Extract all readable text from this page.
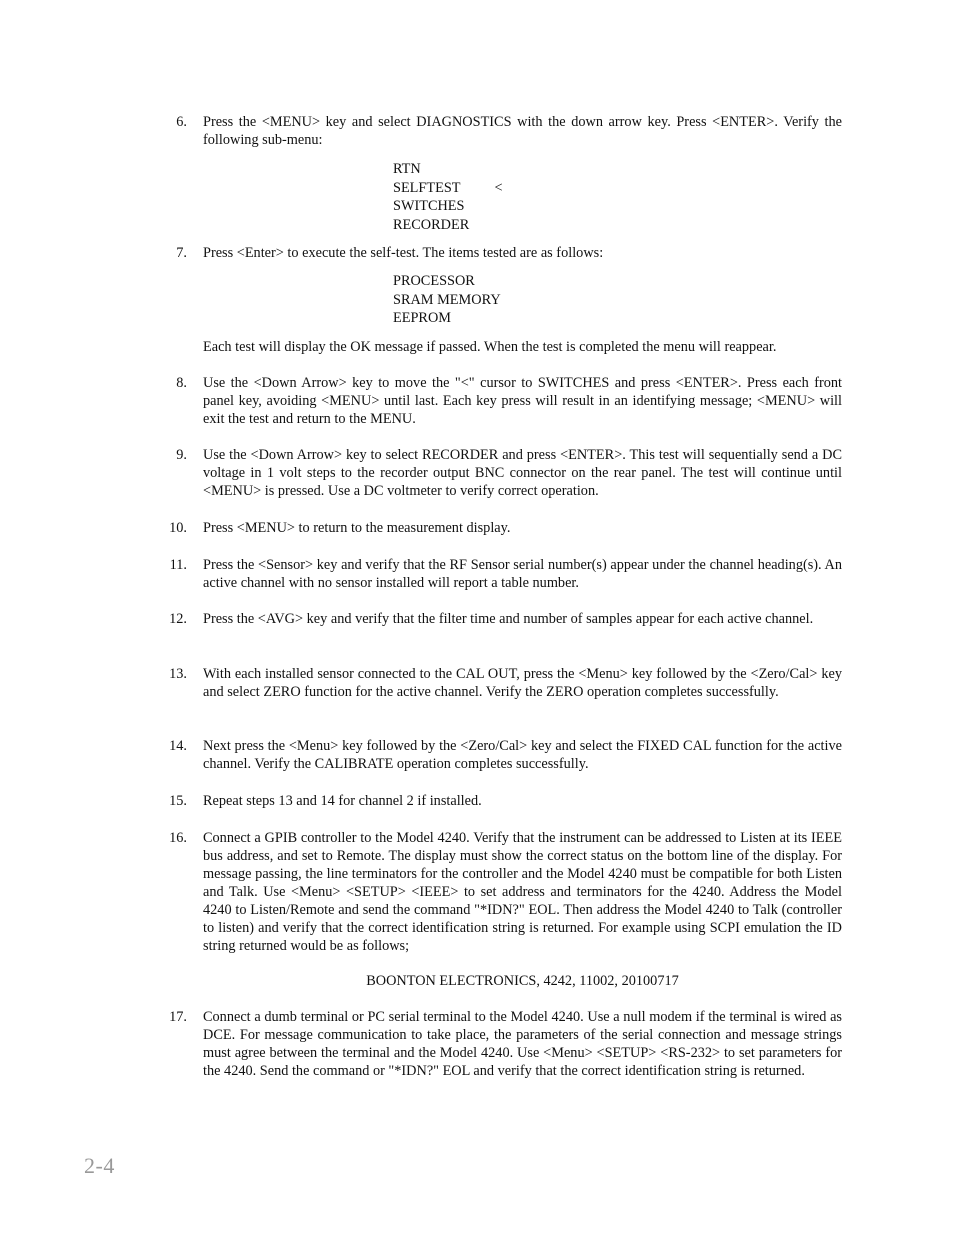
6. Press the <MENU> key and select DIAGNOSTICS with the down arrow key. Press <ENTER>. Verify the following sub-menu:
RTN
SELFTEST <
SWITCHES
RECORDER
7. Press <Enter> to execute the self-test. The items tested are as follows:
PROCESSOR
SRAM MEMORY
EEPROM
Each test will display the OK message if passed. When the test is completed the menu will reappear.
8. Use the <Down Arrow> key to move the "<" cursor to SWITCHES and press <ENTER>. Press each front panel key, avoiding <MENU> until last. Each key press will result in an identifying message; <MENU> will exit the test and return to the MENU.
9. Use the <Down Arrow> key to select RECORDER and press <ENTER>. This test will sequentially send a DC voltage in 1 volt steps to the recorder output BNC connector on the rear panel. The test will continue until <MENU> is pressed. Use a DC voltmeter to verify correct operation.
10. Press <MENU> to return to the measurement display.
11. Press the <Sensor> key and verify that the RF Sensor serial number(s) appear under the channel heading(s). An active channel with no sensor installed will report a table number.
12. Press the <AVG> key and verify that the filter time and number of samples appear for each active channel.
13. With each installed sensor connected to the CAL OUT, press the <Menu> key followed by the <Zero/Cal> key and select ZERO function for the active channel. Verify the ZERO operation completes successfully.
14. Next press the <Menu> key followed by the <Zero/Cal> key and select the FIXED CAL function for the active channel. Verify the CALIBRATE operation completes successfully.
15. Repeat steps 13 and 14 for channel 2 if installed.
16. Connect a GPIB controller to the Model 4240. Verify that the instrument can be addressed to Listen at its IEEE bus address, and set to Remote. The display must show the correct status on the bottom line of the display. For message passing, the line terminators for the controller and the Model 4240 must be compatible for both Listen and Talk. Use <Menu> <SETUP> <IEEE> to set address and terminators for the 4240. Address the Model 4240 to Listen/Remote and send the command "*IDN?" EOL. Then address the Model 4240 to Talk (controller to listen) and verify that the correct identification string is returned. For example using SCPI emulation the ID string returned would be as follows;
BOONTON ELECTRONICS, 4242, 11002, 20100717
17. Connect a dumb terminal or PC serial terminal to the Model 4240. Use a null modem if the terminal is wired as DCE. For message communication to take place, the parameters of the serial connection and message strings must agree between the terminal and the Model 4240. Use <Menu> <SETUP> <RS-232> to set parameters for the 4240. Send the command or "*IDN?" EOL and verify that the correct identification string is returned.
2-4
